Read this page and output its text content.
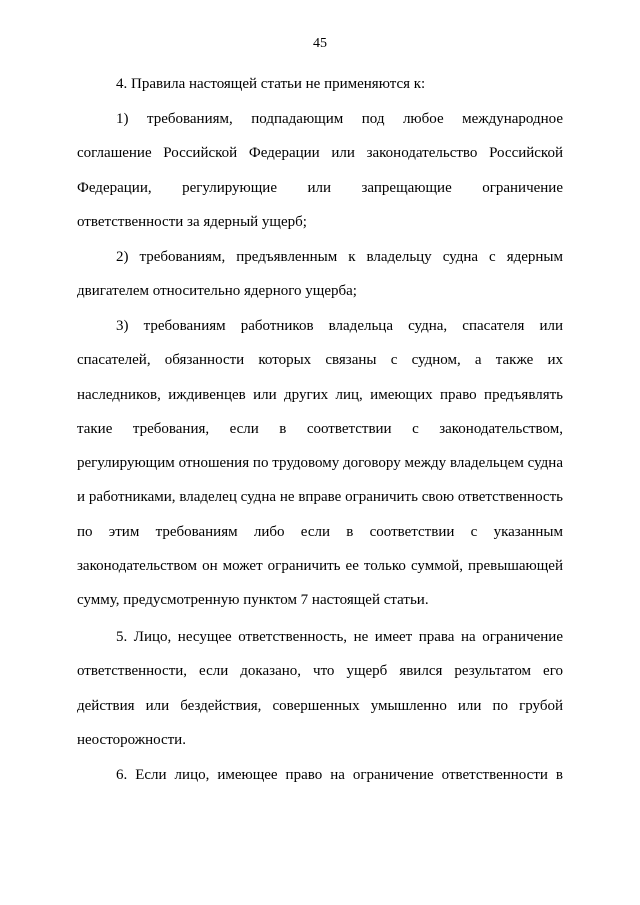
45

4. Правила настоящей статьи не применяются к:

1) требованиям, подпадающим под любое международное соглашение Российской Федерации или законодательство Российской Федерации, регулирующие или запрещающие ограничение ответственности за ядерный ущерб;

2) требованиям, предъявленным к владельцу судна с ядерным двигателем относительно ядерного ущерба;

3) требованиям работников владельца судна, спасателя или спасателей, обязанности которых связаны с судном, а также их наследников, иждивенцев или других лиц, имеющих право предъявлять такие требования, если в соответствии с законодательством, регулирующим отношения по трудовому договору между владельцем судна и работниками, владелец судна не вправе ограничить свою ответственность по этим требованиям либо если в соответствии с указанным законодательством он может ограничить ее только суммой, превышающей сумму, предусмотренную пунктом 7 настоящей статьи.

5. Лицо, несущее ответственность, не имеет права на ограничение ответственности, если доказано, что ущерб явился результатом его действия или бездействия, совершенных умышленно или по грубой неосторожности.

6. Если лицо, имеющее право на ограничение ответственности в
